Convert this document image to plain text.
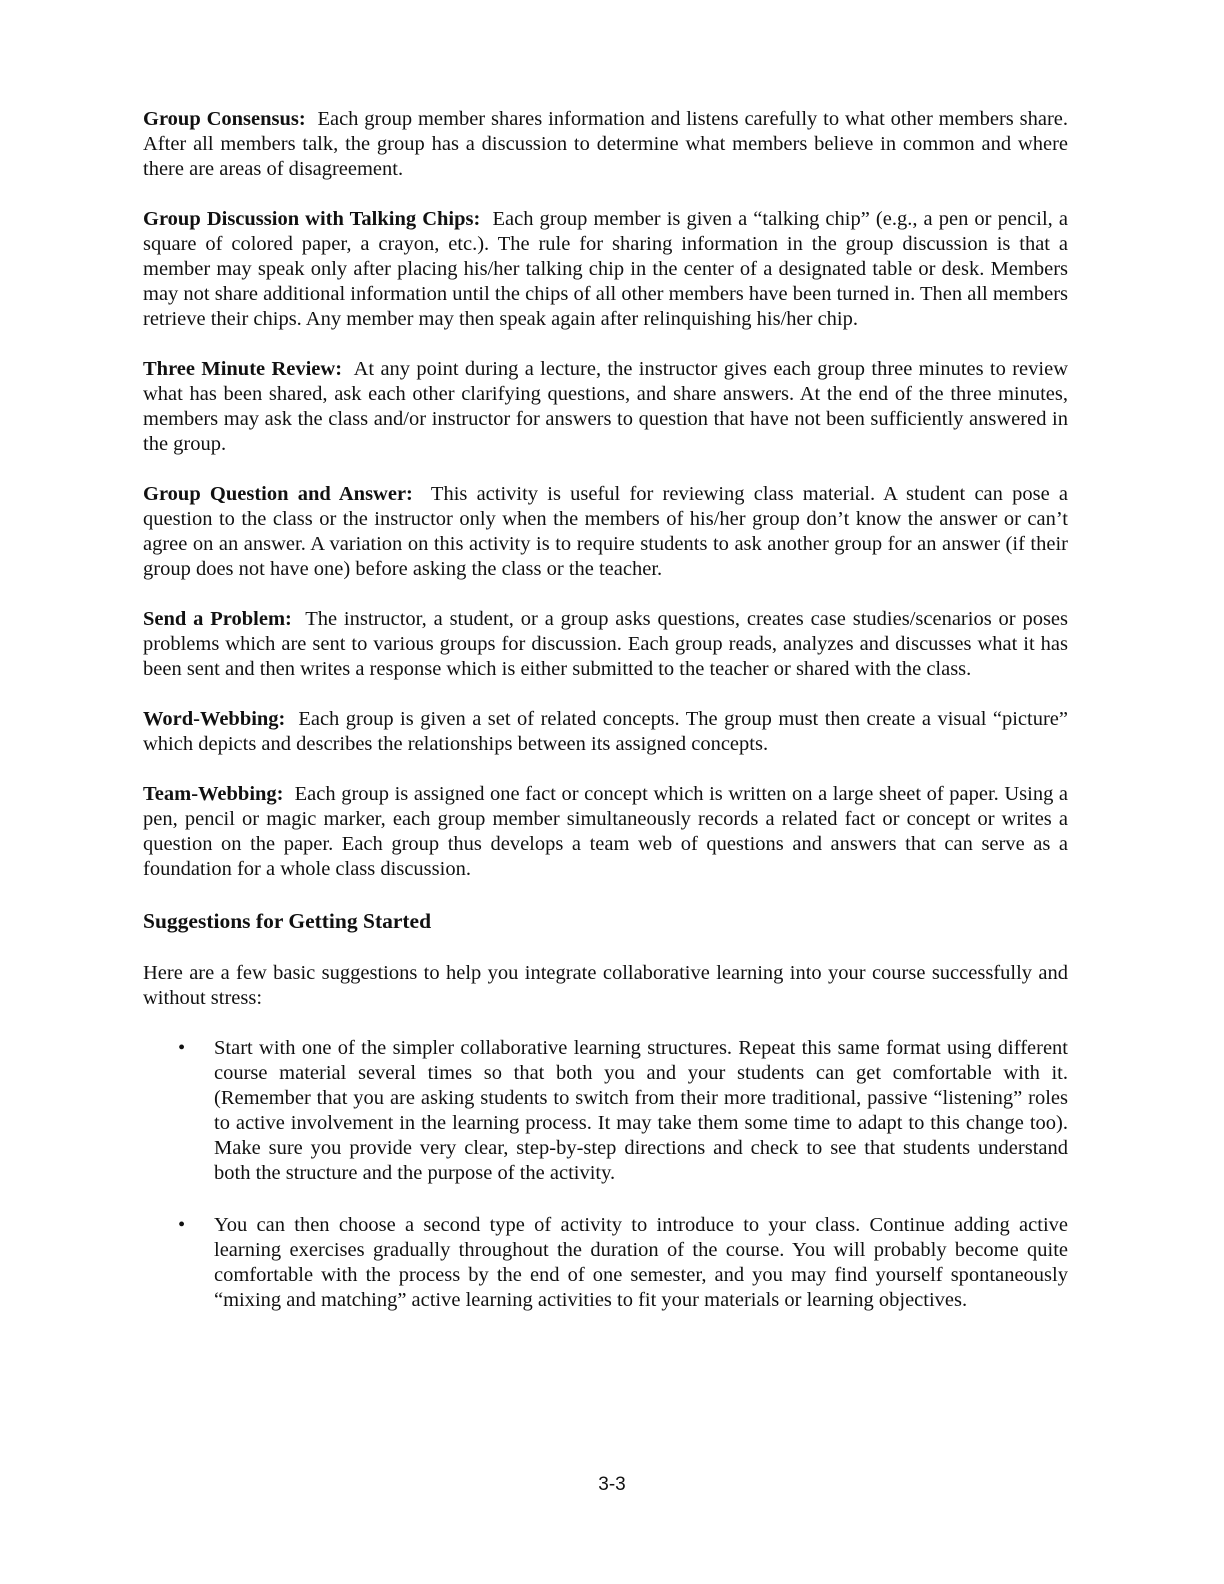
Group Consensus: Each group member shares information and listens carefully to what other members share. After all members talk, the group has a discussion to determine what members believe in common and where there are areas of disagreement.

Group Discussion with Talking Chips: Each group member is given a “talking chip” (e.g., a pen or pencil, a square of colored paper, a crayon, etc.). The rule for sharing information in the group discussion is that a member may speak only after placing his/her talking chip in the center of a designated table or desk. Members may not share additional information until the chips of all other members have been turned in. Then all members retrieve their chips. Any member may then speak again after relinquishing his/her chip.

Three Minute Review: At any point during a lecture, the instructor gives each group three minutes to review what has been shared, ask each other clarifying questions, and share answers. At the end of the three minutes, members may ask the class and/or instructor for answers to question that have not been sufficiently answered in the group.

Group Question and Answer: This activity is useful for reviewing class material. A student can pose a question to the class or the instructor only when the members of his/her group don’t know the answer or can’t agree on an answer. A variation on this activity is to require students to ask another group for an answer (if their group does not have one) before asking the class or the teacher.

Send a Problem: The instructor, a student, or a group asks questions, creates case studies/scenarios or poses problems which are sent to various groups for discussion. Each group reads, analyzes and discusses what it has been sent and then writes a response which is either submitted to the teacher or shared with the class.

Word-Webbing: Each group is given a set of related concepts. The group must then create a visual “picture” which depicts and describes the relationships between its assigned concepts.

Team-Webbing: Each group is assigned one fact or concept which is written on a large sheet of paper. Using a pen, pencil or magic marker, each group member simultaneously records a related fact or concept or writes a question on the paper. Each group thus develops a team web of questions and answers that can serve as a foundation for a whole class discussion.

Suggestions for Getting Started

Here are a few basic suggestions to help you integrate collaborative learning into your course successfully and without stress:

• Start with one of the simpler collaborative learning structures. Repeat this same format using different course material several times so that both you and your students can get comfortable with it. (Remember that you are asking students to switch from their more traditional, passive “listening” roles to active involvement in the learning process. It may take them some time to adapt to this change too). Make sure you provide very clear, step-by-step directions and check to see that students understand both the structure and the purpose of the activity.
• You can then choose a second type of activity to introduce to your class. Continue adding active learning exercises gradually throughout the duration of the course. You will probably become quite comfortable with the process by the end of one semester, and you may find yourself spontaneously “mixing and matching” active learning activities to fit your materials or learning objectives.
3-3
